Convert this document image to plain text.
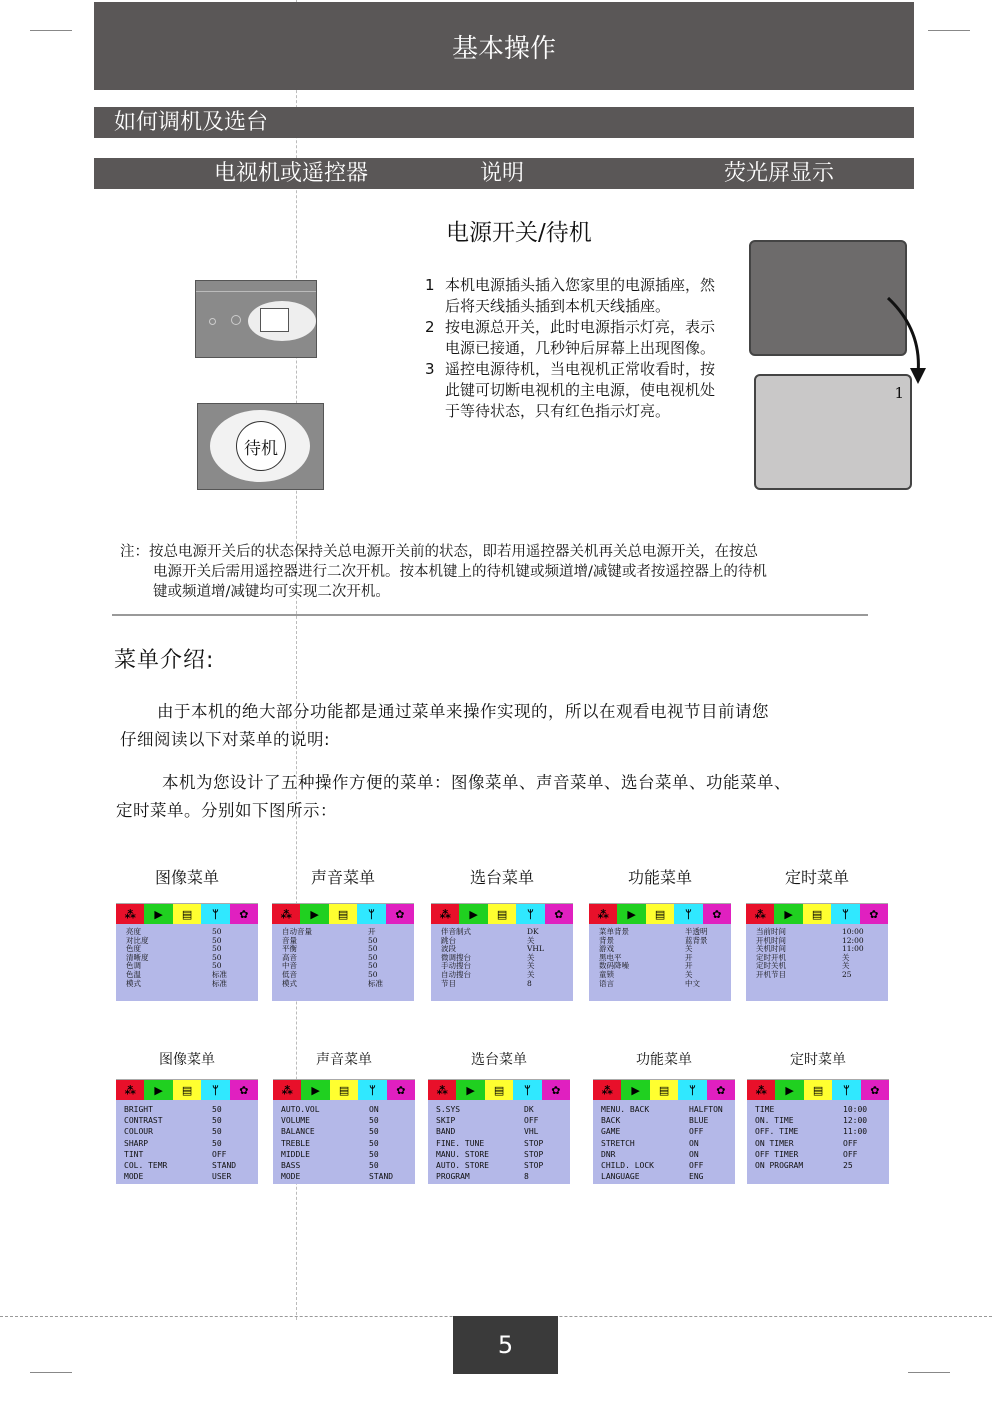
基本操作
如何调机及选台
电视机或遥控器	说明	荧光屏显示
电源开关/待机
待机
1 本机电源插头插入您家里的电源插座，然后将天线插头插到本机天线插座。
2 按电源总开关，此时电源指示灯亮，表示电源已接通，几秒钟后屏幕上出现图像。
3 遥控电源待机，当电视机正常收看时，按此键可切断电视机的主电源，使电视机处于等待状态，只有红色指示灯亮。
1
注：按总电源开关后的状态保持关总电源开关前的状态，即若用遥控器关机再关总电源开关，在按总
电源开关后需用遥控器进行二次开机。按本机键上的待机键或频道增/减键或者按遥控器上的待机
键或频道增/减键均可实现二次开机。
菜单介绍:
由于本机的绝大部分功能都是通过菜单来操作实现的，所以在观看电视节目前请您
仔细阅读以下对菜单的说明:
本机为您设计了五种操作方便的菜单：图像菜单、声音菜单、选台菜单、功能菜单、
定时菜单。分别如下图所示：
图像菜单
⁂	▶	▤	ᛘ	✿
亮度	50
对比度	50
色度	50
清晰度	50
色调	50
色温	标准
模式	标准
声音菜单
⁂	▶	▤	ᛘ	✿
自动音量	开
音量	50
平衡	50
高音	50
中音	50
低音	50
模式	标准
选台菜单
⁂	▶	▤	ᛘ	✿
伴音制式	DK
跳台	关
波段	VHL
微调搜台	关
手动搜台	关
自动搜台	关
节目	8
功能菜单
⁂	▶	▤	ᛘ	✿
菜单背景	半透明
背景	蓝背景
游戏	关
黑电平	开
数码降噪	开
童锁	关
语言	中文
定时菜单
⁂	▶	▤	ᛘ	✿
当前时间	10:00
开机时间	12:00
关机时间	11:00
定时开机	关
定时关机	关
开机节目	25
图像菜单
⁂	▶	▤	ᛘ	✿
BRIGHT	50
CONTRAST	50
COLOUR	50
SHARP	50
TINT	OFF
COL. TEMR	STAND
MODE	USER
声音菜单
⁂	▶	▤	ᛘ	✿
AUTO.VOL	ON
VOLUME	50
BALANCE	50
TREBLE	50
MIDDLE	50
BASS	50
MODE	STAND
选台菜单
⁂	▶	▤	ᛘ	✿
S.SYS	DK
SKIP	OFF
BAND	VHL
FINE. TUNE	STOP
MANU. STORE	STOP
AUTO. STORE	STOP
PROGRAM	8
功能菜单
⁂	▶	▤	ᛘ	✿
MENU. BACK	HALFTON
BACK	BLUE
GAME	OFF
STRETCH	ON
DNR	ON
CHILD. LOCK	OFF
LANGUAGE	ENG
定时菜单
⁂	▶	▤	ᛘ	✿
TIME	10:00
ON. TIME	12:00
OFF. TIME	11:00
ON TIMER	OFF
OFF TIMER	OFF
ON PROGRAM	25
5
